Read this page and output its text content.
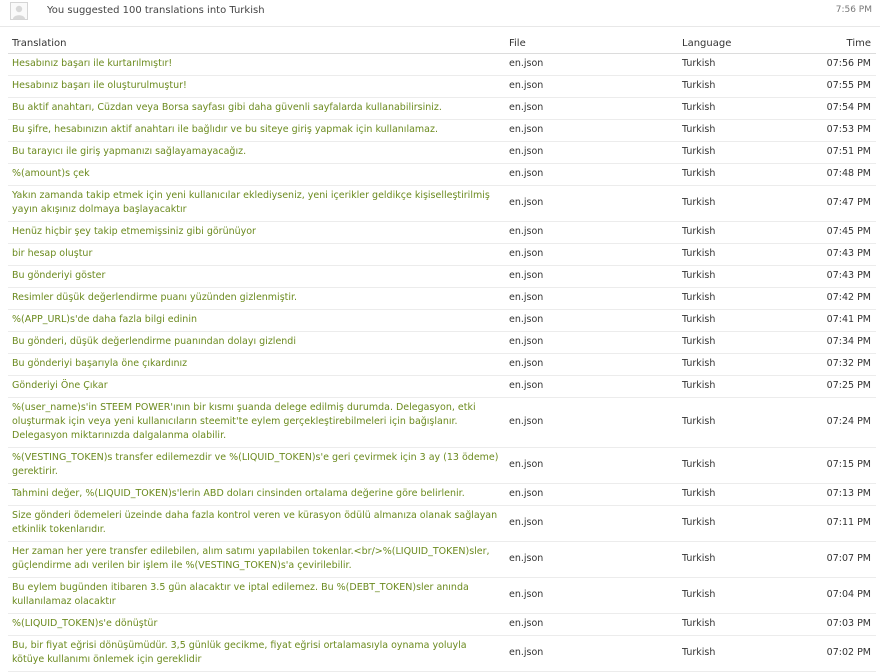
You suggested 100 translations into Turkish	7:56 PM
Translation	File	Language	Time
Hesabınız başarı ile kurtarılmıştır!	en.json	Turkish	07:56 PM
Hesabınız başarı ile oluşturulmuştur!	en.json	Turkish	07:55 PM
Bu aktif anahtarı, Cüzdan veya Borsa sayfası gibi daha güvenli sayfalarda kullanabilirsiniz.	en.json	Turkish	07:54 PM
Bu şifre, hesabınızın aktif anahtarı ile bağlıdır ve bu siteye giriş yapmak için kullanılamaz.	en.json	Turkish	07:53 PM
Bu tarayıcı ile giriş yapmanızı sağlayamayacağız.	en.json	Turkish	07:51 PM
%(amount)s çek	en.json	Turkish	07:48 PM
Yakın zamanda takip etmek için yeni kullanıcılar eklediyseniz, yeni içerikler geldikçe kişiselleştirilmiş yayın akışınız dolmaya başlayacaktır	en.json	Turkish	07:47 PM
Henüz hiçbir şey takip etmemişsiniz gibi görünüyor	en.json	Turkish	07:45 PM
bir hesap oluştur	en.json	Turkish	07:43 PM
Bu gönderiyi göster	en.json	Turkish	07:43 PM
Resimler düşük değerlendirme puanı yüzünden gizlenmiştir.	en.json	Turkish	07:42 PM
%(APP_URL)s'de daha fazla bilgi edinin	en.json	Turkish	07:41 PM
Bu gönderi, düşük değerlendirme puanından dolayı gizlendi	en.json	Turkish	07:34 PM
Bu gönderiyi başarıyla öne çıkardınız	en.json	Turkish	07:32 PM
Gönderiyi Öne Çıkar	en.json	Turkish	07:25 PM
%(user_name)s'in STEEM POWER'ının bir kısmı şuanda delege edilmiş durumda. Delegasyon, etki oluşturmak için veya yeni kullanıcıların steemit'te eylem gerçekleştirebilmeleri için bağışlanır. Delegasyon miktarınızda dalgalanma olabilir.	en.json	Turkish	07:24 PM
%(VESTING_TOKEN)s transfer edilemezdir ve %(LIQUID_TOKEN)s'e geri çevirmek için 3 ay (13 ödeme) gerektirir.	en.json	Turkish	07:15 PM
Tahmini değer, %(LIQUID_TOKEN)s'lerin ABD doları cinsinden ortalama değerine göre belirlenir.	en.json	Turkish	07:13 PM
Size gönderi ödemeleri üzeinde daha fazla kontrol veren ve kürasyon ödülü almanıza olanak sağlayan etkinlik tokenlarıdır.	en.json	Turkish	07:11 PM
Her zaman her yere transfer edilebilen, alım satımı yapılabilen tokenlar.<br/>%(LIQUID_TOKEN)sler, güçlendirme adı verilen bir işlem ile %(VESTING_TOKEN)s'a çevirilebilir.	en.json	Turkish	07:07 PM
Bu eylem bugünden itibaren 3.5 gün alacaktır ve iptal edilemez. Bu %(DEBT_TOKEN)sler anında kullanılamaz olacaktır	en.json	Turkish	07:04 PM
%(LIQUID_TOKEN)s'e dönüştür	en.json	Turkish	07:03 PM
Bu, bir fiyat eğrisi dönüşümüdür. 3,5 günlük gecikme, fiyat eğrisi ortalamasıyla oynama yoluyla kötüye kullanımı önlemek için gereklidir	en.json	Turkish	07:02 PM
